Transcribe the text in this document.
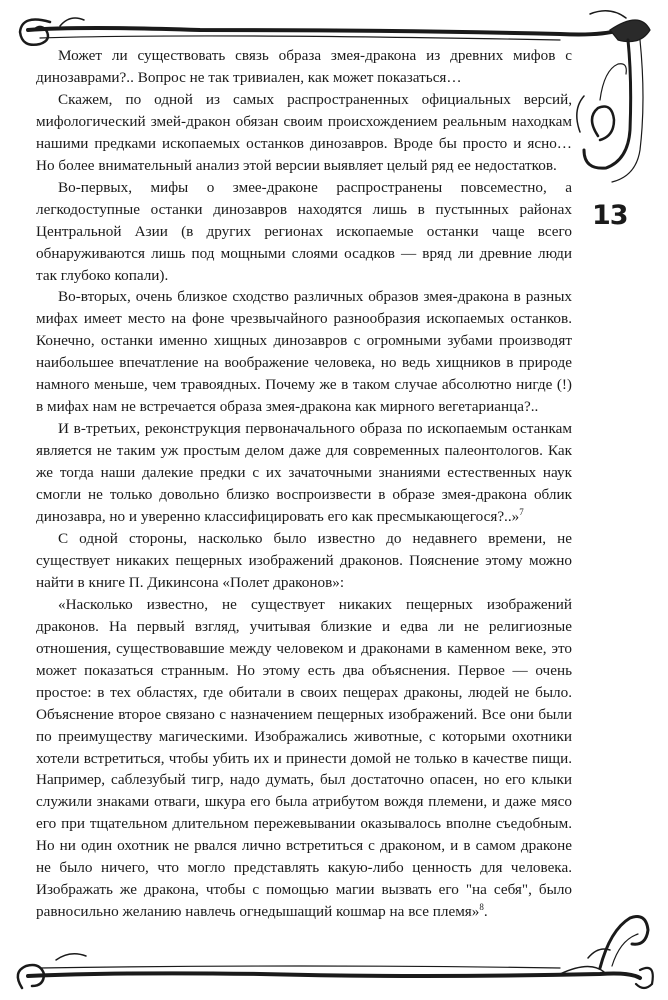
13

Может ли существовать связь образа змея-дракона из древних мифов с динозаврами?.. Вопрос не так тривиален, как может показаться…

Скажем, по одной из самых распространенных официальных версий, мифологический змей-дракон обязан своим происхождением реальным находкам нашими предками ископаемых останков динозавров. Вроде бы просто и ясно… Но более внимательный анализ этой версии выявляет целый ряд ее недостатков.

Во-первых, мифы о змее-драконе распространены повсеместно, а легкодоступные останки динозавров находятся лишь в пустынных районах Центральной Азии (в других регионах ископаемые останки чаще всего обнаруживаются лишь под мощными слоями осадков — вряд ли древние люди так глубоко копали).

Во-вторых, очень близкое сходство различных образов змея-дракона в разных мифах имеет место на фоне чрезвычайного разнообразия ископаемых останков. Конечно, останки именно хищных динозавров с огромными зубами производят наибольшее впечатление на воображение человека, но ведь хищников в природе намного меньше, чем травоядных. Почему же в таком случае абсолютно нигде (!) в мифах нам не встречается образа змея-дракона как мирного вегетарианца?..

И в-третьих, реконструкция первоначального образа по ископаемым останкам является не таким уж простым делом даже для современных палеонтологов. Как же тогда наши далекие предки с их зачаточными знаниями естественных наук смогли не только довольно близко воспроизвести в образе змея-дракона облик динозавра, но и уверенно классифицировать его как пресмыкающегося?..»$^7$

С одной стороны, насколько было известно до недавнего времени, не существует никаких пещерных изображений драконов. Пояснение этому можно найти в книге П. Дикинсона «Полет драконов»:

«Насколько известно, не существует никаких пещерных изображений драконов. На первый взгляд, учитывая близкие и едва ли не религиозные отношения, существовавшие между человеком и драконами в каменном веке, это может показаться странным. Но этому есть два объяснения. Первое — очень простое: в тех областях, где обитали в своих пещерах драконы, людей не было. Объяснение второе связано с назначением пещерных изображений. Все они были по преимуществу магическими. Изображались животные, с которыми охотники хотели встретиться, чтобы убить их и принести домой не только в качестве пищи. Например, саблезубый тигр, надо думать, был достаточно опасен, но его клыки служили знаками отваги, шкура его была атрибутом вождя племени, и даже мясо его при тщательном длительном пережевывании оказывалось вполне съедобным. Но ни один охотник не рвался лично встретиться с драконом, и в самом драконе не было ничего, что могло представлять какую-либо ценность для человека. Изображать же дракона, чтобы с помощью магии вызвать его "на себя", было равносильно желанию навлечь огнедышащий кошмар на все племя»$^8$.
